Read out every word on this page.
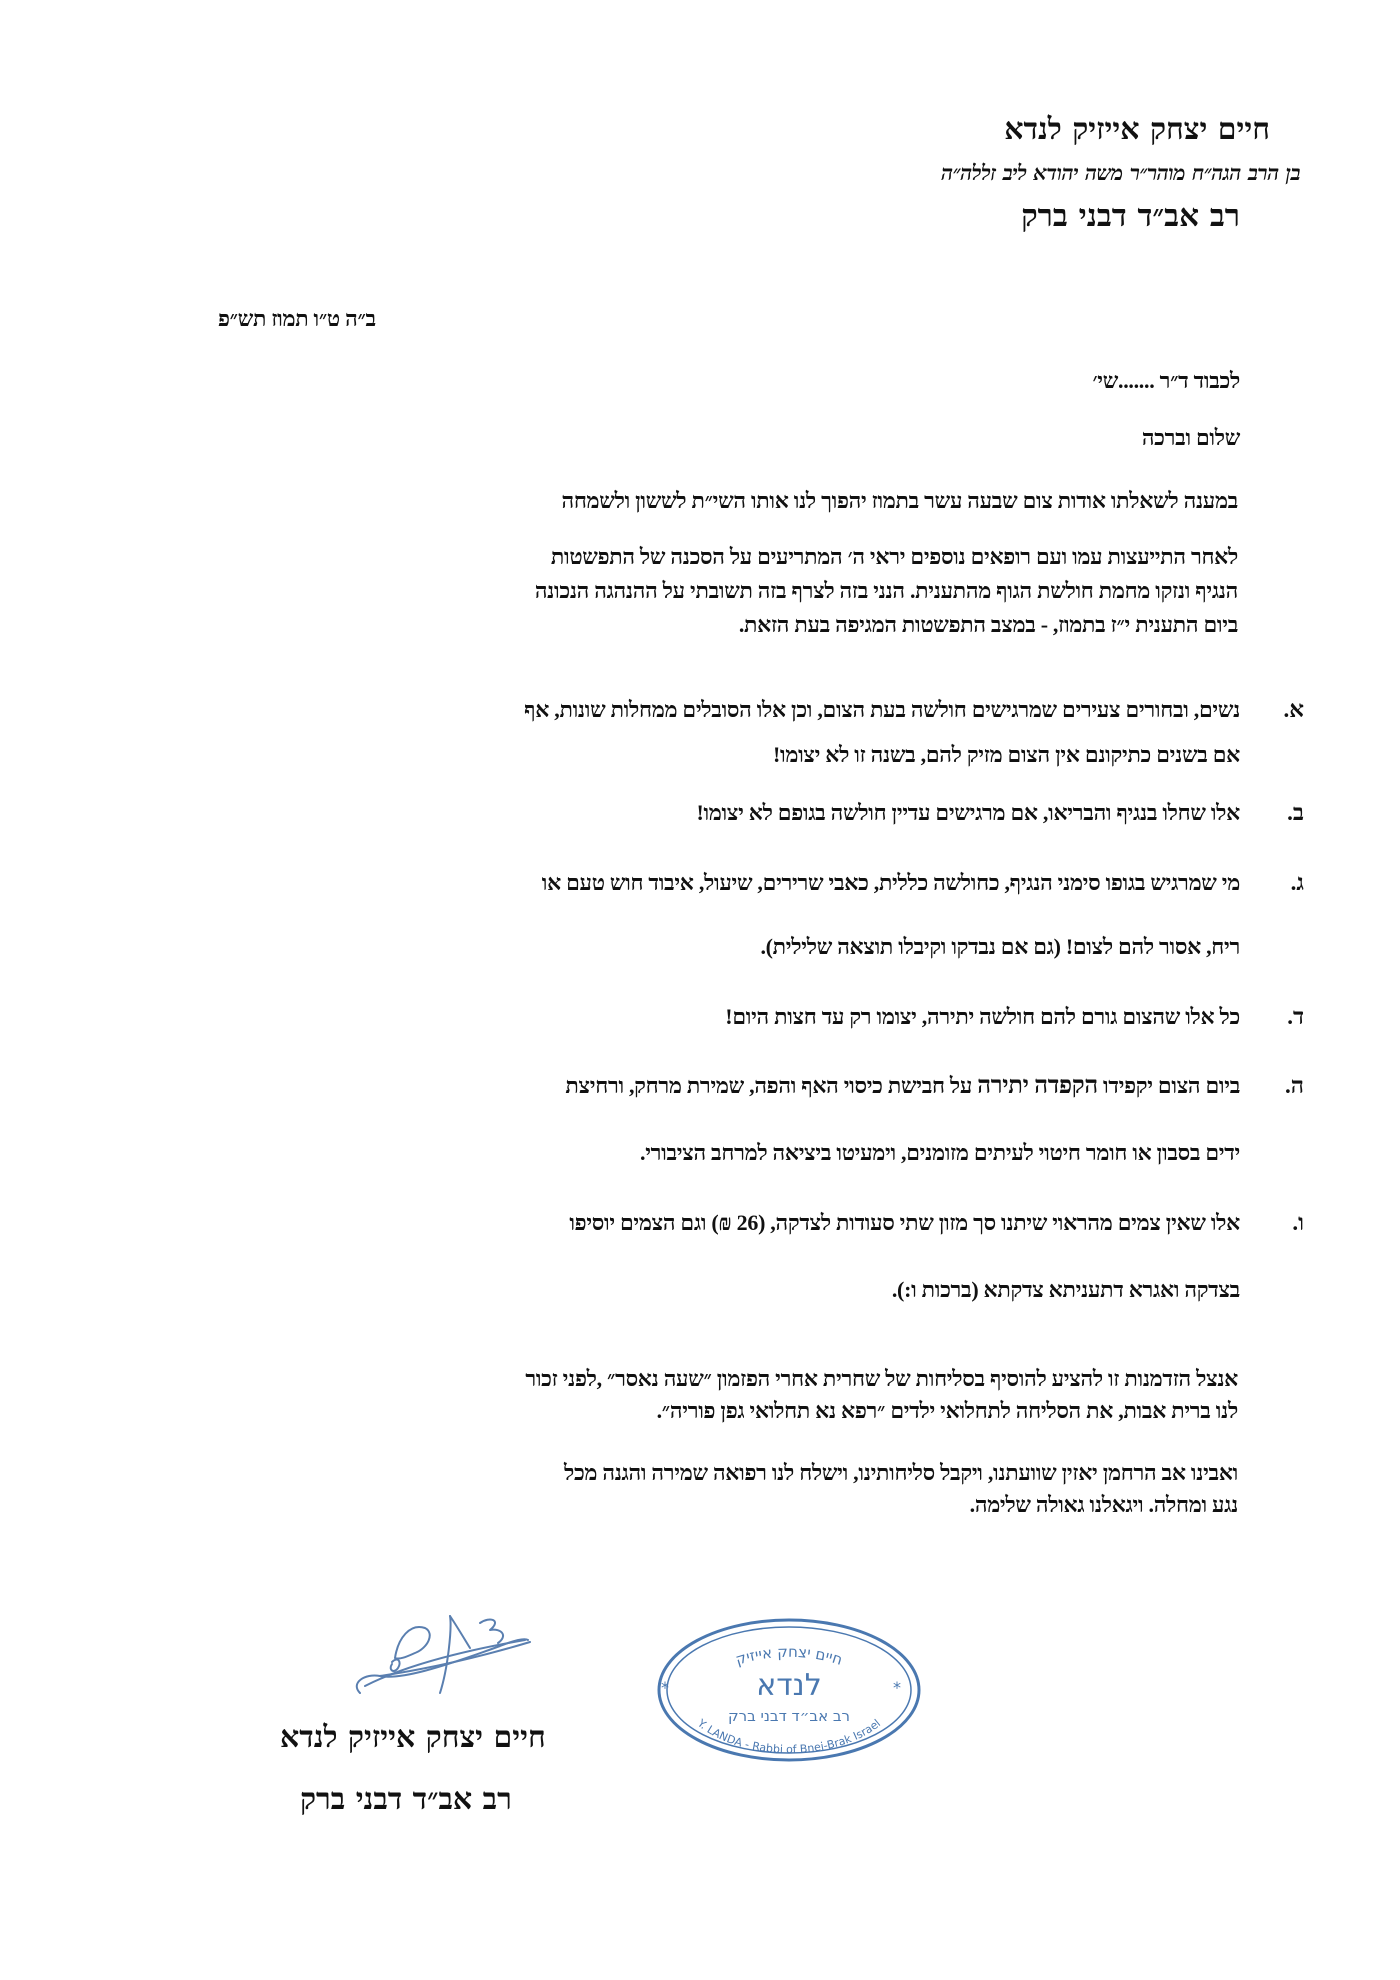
חיים יצחק אייזיק לנדא
בן הרב הגה״ח מוהר״ר משה יהודא ליב זללה״ה
רב אב״ד דבני ברק
ב״ה ט״ו תמוז תש״פ
לכבוד ד״ר .......שי׳
שלום וברכה
במענה לשאלתו אודות צום שבעה עשר בתמוז יהפוך לנו אותו השי״ת לששון ולשמחה
לאחר התייעצות עמו ועם רופאים נוספים יראי ה׳ המתריעים על הסכנה של התפשטות
הנגיף ונזקו מחמת חולשת הגוף מהתענית. הנני בזה לצרף בזה תשובתי על ההנהגה הנכונה
ביום התענית י״ז בתמוז, - במצב התפשטות המגיפה בעת הזאת.
א.
נשים, ובחורים צעירים שמרגישים חולשה בעת הצום, וכן אלו הסובלים ממחלות שונות, אף
אם בשנים כתיקונם אין הצום מזיק להם, בשנה זו לא יצומו!
ב.
אלו שחלו בנגיף והבריאו, אם מרגישים עדיין חולשה בגופם לא יצומו!
ג.
מי שמרגיש בגופו סימני הנגיף, כחולשה כללית, כאבי שרירים, שיעול, איבוד חוש טעם או
ריח, אסור להם לצום! (גם אם נבדקו וקיבלו תוצאה שלילית).
ד.
כל אלו שהצום גורם להם חולשה יתירה, יצומו רק עד חצות היום!
ה.
ביום הצום יקפידו הקפדה יתירה על חבישת כיסוי האף והפה, שמירת מרחק, ורחיצת
ידים בסבון או חומר חיטוי לעיתים מזומנים, וימעיטו ביציאה למרחב הציבורי.
ו.
אלו שאין צמים מהראוי שיתנו סך מזון שתי סעודות לצדקה, (26 ₪) וגם הצמים יוסיפו
בצדקה ואגרא דתעניתא צדקתא (ברכות ו:).
אנצל הזדמנות זו להציע להוסיף בסליחות של שחרית אחרי הפזמון ״שעה נאסר״ ,לפני זכור
לנו ברית אבות, את הסליחה לתחלואי ילדים ״רפא נא תחלואי גפן פוריה״.
ואבינו אב הרחמן יאזין שוועתנו, ויקבל סליחותינו, וישלח לנו רפואה שמירה והגנה מכל
נגע ומחלה. ויגאלנו גאולה שלימה.
חיים יצחק אייזיק
לנדא
רב אב״ד דבני ברק
Y. LANDA - Rabbi of Bnei-Brak Israel
*	*
חיים יצחק אייזיק לנדא
רב אב״ד דבני ברק
